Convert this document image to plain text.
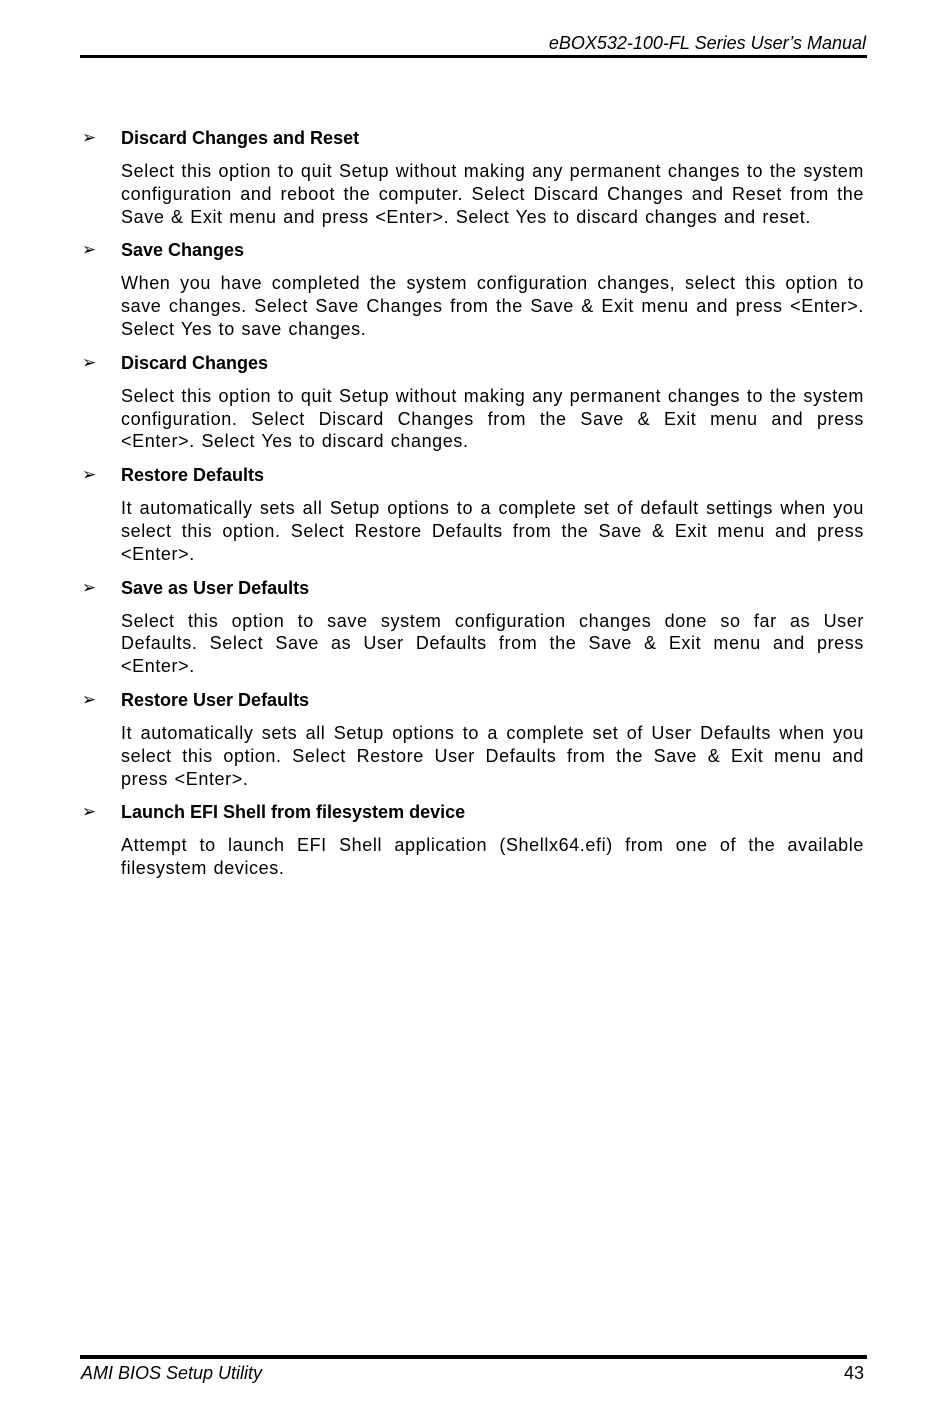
eBOX532-100-FL Series User’s Manual
➢ Discard Changes and Reset

Select this option to quit Setup without making any permanent changes to the system configuration and reboot the computer. Select Discard Changes and Reset from the Save & Exit menu and press <Enter>. Select Yes to discard changes and reset.

➢ Save Changes

When you have completed the system configuration changes, select this option to save changes. Select Save Changes from the Save & Exit menu and press <Enter>. Select Yes to save changes.

➢ Discard Changes

Select this option to quit Setup without making any permanent changes to the system configuration. Select Discard Changes from the Save & Exit menu and press <Enter>. Select Yes to discard changes.

➢ Restore Defaults

It automatically sets all Setup options to a complete set of default settings when you select this option. Select Restore Defaults from the Save & Exit menu and press <Enter>.

➢ Save as User Defaults

Select this option to save system configuration changes done so far as User Defaults. Select Save as User Defaults from the Save & Exit menu and press <Enter>.

➢ Restore User Defaults

It automatically sets all Setup options to a complete set of User Defaults when you select this option. Select Restore User Defaults from the Save & Exit menu and press <Enter>.

➢ Launch EFI Shell from filesystem device

Attempt to launch EFI Shell application (Shellx64.efi) from one of the available filesystem devices.

AMI BIOS Setup Utility	43
